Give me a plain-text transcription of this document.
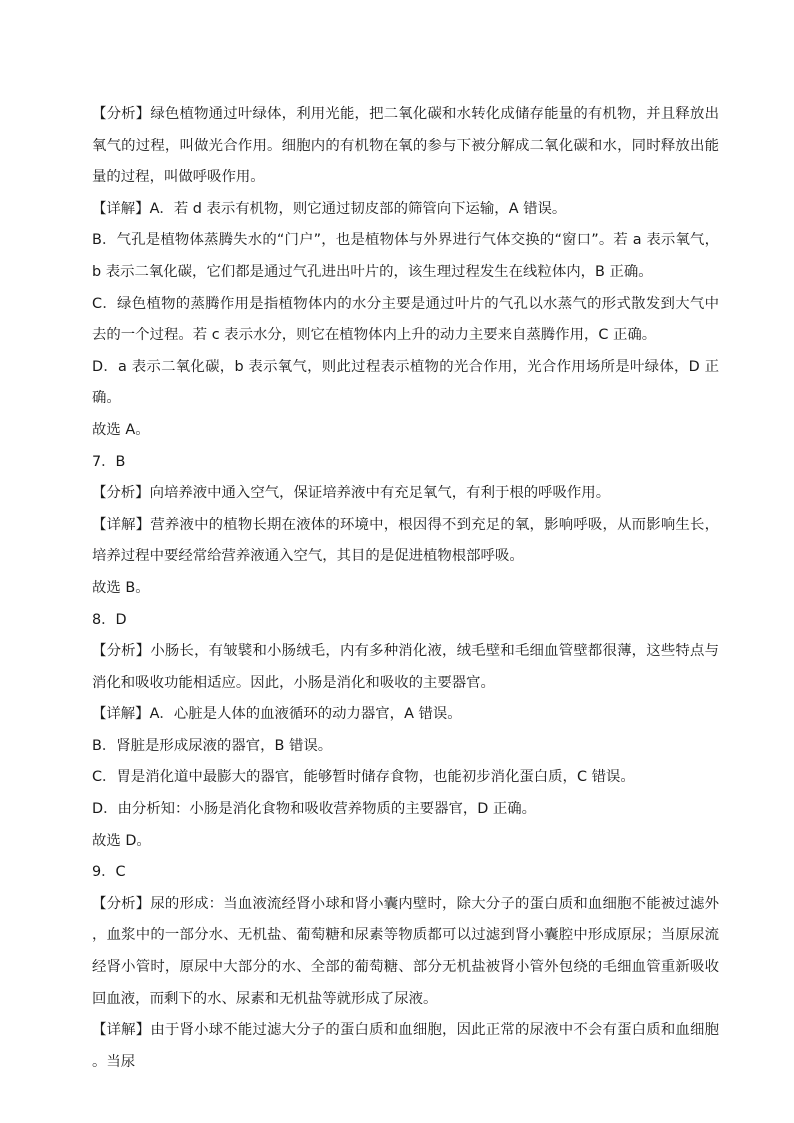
【分析】绿色植物通过叶绿体，利用光能，把二氧化碳和水转化成储存能量的有机物，并且释放出氧气的过程，叫做光合作用。细胞内的有机物在氧的参与下被分解成二氧化碳和水，同时释放出能量的过程，叫做呼吸作用。

【详解】A．若 d 表示有机物，则它通过韧皮部的筛管向下运输，A 错误。

B．气孔是植物体蒸腾失水的“门户”，也是植物体与外界进行气体交换的“窗口”。若 a 表示氧气，b 表示二氧化碳，它们都是通过气孔进出叶片的，该生理过程发生在线粒体内，B 正确。

C．绿色植物的蒸腾作用是指植物体内的水分主要是通过叶片的气孔以水蒸气的形式散发到大气中去的一个过程。若 c 表示水分，则它在植物体内上升的动力主要来自蒸腾作用，C 正确。

D．a 表示二氧化碳，b 表示氧气，则此过程表示植物的光合作用，光合作用场所是叶绿体，D 正确。

故选 A。

7．B

【分析】向培养液中通入空气，保证培养液中有充足氧气，有利于根的呼吸作用。

【详解】营养液中的植物长期在液体的环境中，根因得不到充足的氧，影响呼吸，从而影响生长，培养过程中要经常给营养液通入空气，其目的是促进植物根部呼吸。

故选 B。

8．D

【分析】小肠长，有皱襞和小肠绒毛，内有多种消化液，绒毛壁和毛细血管壁都很薄，这些特点与消化和吸收功能相适应。因此，小肠是消化和吸收的主要器官。

【详解】A．心脏是人体的血液循环的动力器官，A 错误。

B．肾脏是形成尿液的器官，B 错误。

C．胃是消化道中最膨大的器官，能够暂时储存食物，也能初步消化蛋白质，C 错误。

D．由分析知：小肠是消化食物和吸收营养物质的主要器官，D 正确。

故选 D。

9．C

【分析】尿的形成：当血液流经肾小球和肾小囊内壁时，除大分子的蛋白质和血细胞不能被过滤外，血浆中的一部分水、无机盐、葡萄糖和尿素等物质都可以过滤到肾小囊腔中形成原尿；当原尿流经肾小管时，原尿中大部分的水、全部的葡萄糖、部分无机盐被肾小管外包绕的毛细血管重新吸收回血液，而剩下的水、尿素和无机盐等就形成了尿液。

【详解】由于肾小球不能过滤大分子的蛋白质和血细胞，因此正常的尿液中不会有蛋白质和血细胞。当尿
